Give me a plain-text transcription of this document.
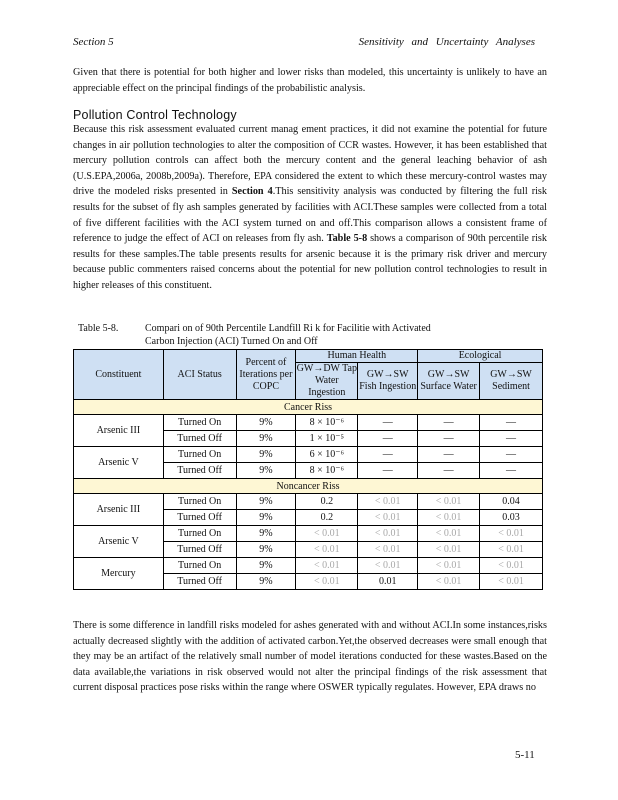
Section 5	Sensitivity and Uncertainty Analyses

Given that there is potential for both higher and lower risks than modeled, this uncertainty is unlikely to have an appreciable effect on the principal findings of the probabilistic analysis.

Pollution Control Technology

Because this risk assessment evaluated current manag ement practices, it did not examine the potential for future changes in air pollution technologies to alter the composition of CCR wastes. However, it has been established that mercury pollution controls can affect both the mercury content and the general leaching behavior of ash (U.S.EPA,2006a, 2008b,2009a). Therefore, EPA considered the extent to which these mercury-control wastes may drive the modeled risks presented in Section 4.This sensitivity analysis was conducted by filtering the full risk results for the subset of fly ash samples generated by facilities with ACI.These samples were collected from a total of five different facilities with the ACI system turned on and off.This comparison allows a consistent frame of reference to judge the effect of ACI on releases from fly ash. Table 5-8 shows a comparison of 90th percentile risk results for these samples.The table presents results for arsenic because it is the primary risk driver and mercury because public commenters raised concerns about the potential for new pollution control technologies to result in higher releases of this constituent.

Table 5-8.	Compari on of 90th Percentile Landfill Ri k for Facilitie with Activated
Carbon Injection (ACI) Turned On and Off
Constituent	ACI Status	Percent of Iterations per COPC	Human Health		Ecological	
			GW→DW Tap Water Ingestion	GW→SW Fish Ingestion	GW→SW Surface Water	GW→SW Sediment
Cancer Riss						
Arsenic III	Turned On	9%	8 × 10⁻⁶	—	—	—
	Turned Off	9%	1 × 10⁻⁵	—	—	—
Arsenic V	Turned On	9%	6 × 10⁻⁶	—	—	—
	Turned Off	9%	8 × 10⁻⁶	—	—	—
Noncancer Riss						
Arsenic III	Turned On	9%	0.2	< 0.01	< 0.01	0.04
	Turned Off	9%	0.2	< 0.01	< 0.01	0.03
Arsenic V	Turned On	9%	< 0.01	< 0.01	< 0.01	< 0.01
	Turned Off	9%	< 0.01	< 0.01	< 0.01	< 0.01
Mercury	Turned On	9%	< 0.01	< 0.01	< 0.01	< 0.01
	Turned Off	9%	< 0.01	0.01	< 0.01	< 0.01

There is some difference in landfill risks modeled for ashes generated with and without ACI.In some instances,risks actually decreased slightly with the addition of activated carbon.Yet,the observed decreases were small enough that they may be an artifact of the relatively small number of model iterations conducted for these wastes.Based on the data available,the variations in risk observed would not alter the principal findings of the risk assessment that current disposal practices pose risks within the range where OSWER typically regulates. However, EPA draws no

5-11
